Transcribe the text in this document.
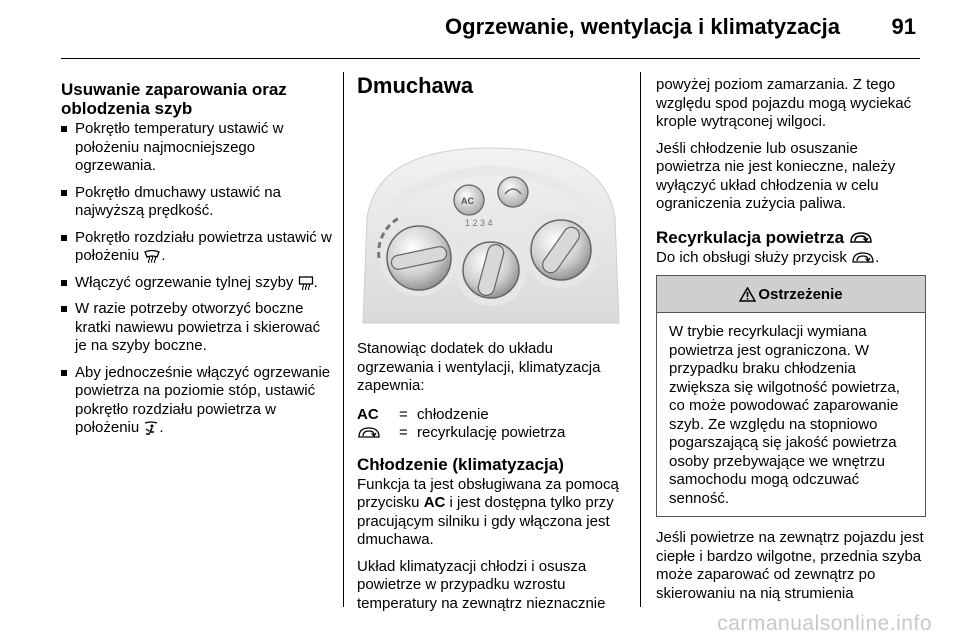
Ogrzewanie, wentylacja i klimatyzacja 91
Usuwanie zaparowania oraz oblodzenia szyb
Pokrętło temperatury ustawić w położeniu najmocniejszego ogrzewania.
Pokrętło dmuchawy ustawić na najwyższą prędkość.
Pokrętło rozdziału powietrza ustawić w położeniu .
Włączyć ogrzewanie tylnej szyby .
W razie potrzeby otworzyć boczne kratki nawiewu powietrza i skierować je na szyby boczne.
Aby jednocześnie włączyć ogrzewanie powietrza na poziomie stóp, ustawić pokrętło rozdziału powietrza w położeniu .
Dmuchawa
1 2 3 4
AC
Stanowiąc dodatek do układu ogrzewania i wentylacji, klimatyzacja zapewnia:
AC	= chłodzenie
= recyrkulację powietrza
Chłodzenie (klimatyzacja)
Funkcja ta jest obsługiwana za pomocą przycisku AC i jest dostępna tylko przy pracującym silniku i gdy włączona jest dmuchawa.
Układ klimatyzacji chłodzi i osusza powietrze w przypadku wzrostu temperatury na zewnątrz nieznacznie
powyżej poziom zamarzania. Z tego względu spod pojazdu mogą wyciekać krople wytrąconej wilgoci.
Jeśli chłodzenie lub osuszanie powietrza nie jest konieczne, należy wyłączyć układ chłodzenia w celu ograniczenia zużycia paliwa.
Recyrkulacja powietrza
Do ich obsługi służy przycisk .
Ostrzeżenie
W trybie recyrkulacji wymiana powietrza jest ograniczona. W przypadku braku chłodzenia zwiększa się wilgotność powietrza, co może powodować zaparowanie szyb. Ze względu na stopniowo pogarszającą się jakość powietrza osoby przebywające we wnętrzu samochodu mogą odczuwać senność.
Jeśli powietrze na zewnątrz pojazdu jest ciepłe i bardzo wilgotne, przednia szyba może zaparować od zewnątrz po skierowaniu na nią strumienia
carmanualsonline.info
